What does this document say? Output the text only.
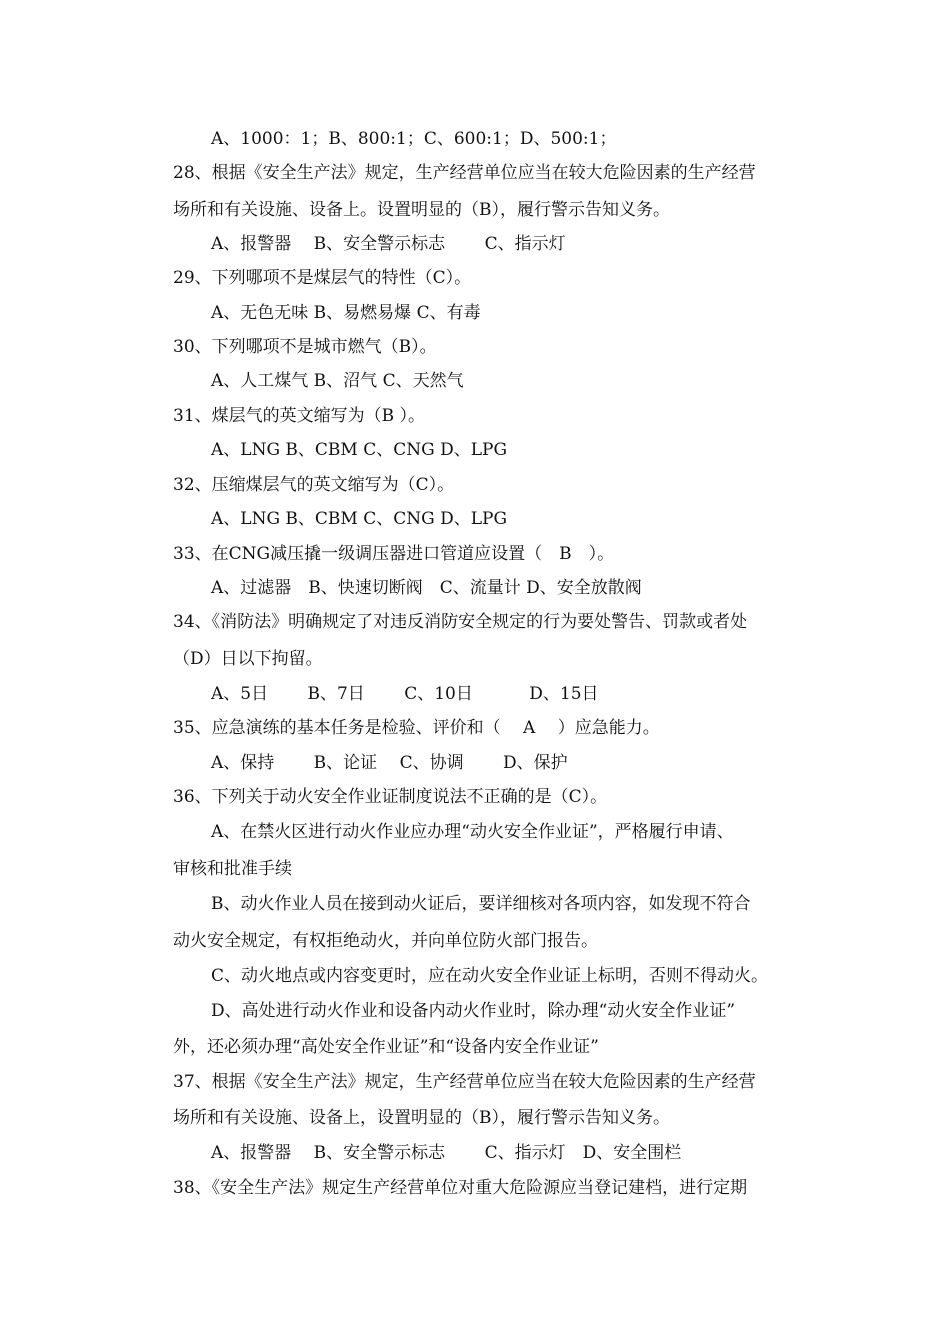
A、1000：1；B、800:1；C、600:1；D、500:1；
28、根据《安全生产法》规定，生产经营单位应当在较大危险因素的生产经营
场所和有关设施、设备上。设置明显的（B），履行警示告知义务。
A、报警器　 B、安全警示标志　　 C、指示灯
29、下列哪项不是煤层气的特性（C）。
A、无色无味 B、易燃易爆 C、有毒
30、下列哪项不是城市燃气（B）。
A、人工煤气 B、沼气 C、天然气
31、煤层气的英文缩写为（B ）。
A、LNG B、CBM C、CNG D、LPG
32、压缩煤层气的英文缩写为（C）。
A、LNG B、CBM C、CNG D、LPG
33、在CNG减压撬一级调压器进口管道应设置（　B　）。
A、过滤器　B、快速切断阀　C、流量计 D、安全放散阀
34、《消防法》明确规定了对违反消防安全规定的行为要处警告、罚款或者处
（D）日以下拘留。
A、5日　　 B、7日　　 C、10日　　　 D、15日
35、应急演练的基本任务是检验、评价和（　 A　 ）应急能力。
A、保持　　 B、论证　 C、协调　　 D、保护
36、下列关于动火安全作业证制度说法不正确的是（C）。
A、在禁火区进行动火作业应办理“动火安全作业证”，严格履行申请、
审核和批准手续
B、动火作业人员在接到动火证后，要详细核对各项内容，如发现不符合
动火安全规定，有权拒绝动火，并向单位防火部门报告。
C、动火地点或内容变更时，应在动火安全作业证上标明，否则不得动火。
D、高处进行动火作业和设备内动火作业时，除办理“动火安全作业证”
外，还必须办理“高处安全作业证”和“设备内安全作业证”
37、根据《安全生产法》规定，生产经营单位应当在较大危险因素的生产经营
场所和有关设施、设备上，设置明显的（B），履行警示告知义务。
A、报警器　 B、安全警示标志　　 C、指示灯　D、安全围栏
38、《安全生产法》规定生产经营单位对重大危险源应当登记建档，进行定期
